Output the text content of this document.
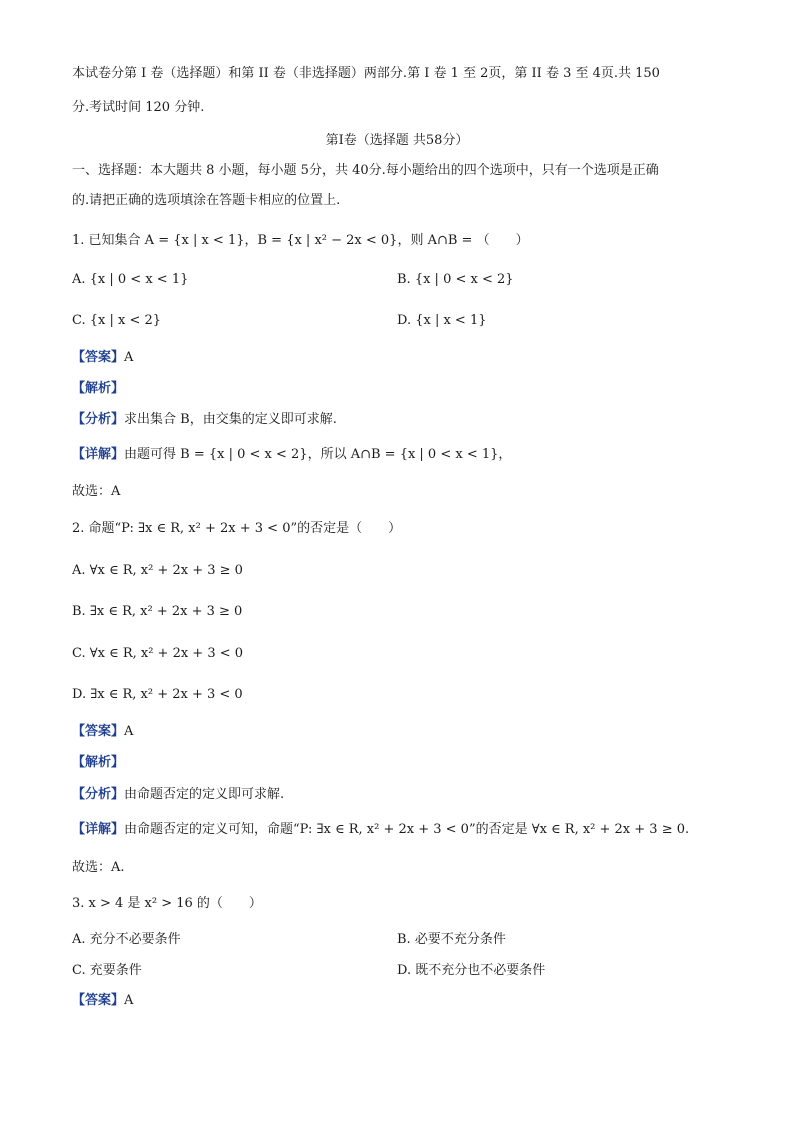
本试卷分第 I 卷（选择题）和第 II 卷（非选择题）两部分.第 I 卷 1 至 2页，第 II 卷 3 至 4页.共 150
分.考试时间 120 分钟.
第I卷（选择题 共58分）
一、选择题：本大题共 8 小题，每小题 5分，共 40分.每小题给出的四个选项中，只有一个选项是正确
的.请把正确的选项填涂在答题卡相应的位置上.
1. 已知集合 A = {x | x < 1}，B = {x | x² − 2x < 0}，则 A∩B = （　　）
A. {x | 0 < x < 1}	B. {x | 0 < x < 2}
C. {x | x < 2}	D. {x | x < 1}
【答案】A
【解析】
【分析】求出集合 B，由交集的定义即可求解.
【详解】由题可得 B = {x | 0 < x < 2}，所以 A∩B = {x | 0 < x < 1}，
故选：A
2. 命题“P: ∃x ∈ R, x² + 2x + 3 < 0”的否定是（　　）
A. ∀x ∈ R, x² + 2x + 3 ≥ 0
B. ∃x ∈ R, x² + 2x + 3 ≥ 0
C. ∀x ∈ R, x² + 2x + 3 < 0
D. ∃x ∈ R, x² + 2x + 3 < 0
【答案】A
【解析】
【分析】由命题否定的定义即可求解.
【详解】由命题否定的定义可知，命题“P: ∃x ∈ R, x² + 2x + 3 < 0”的否定是 ∀x ∈ R, x² + 2x + 3 ≥ 0.
故选：A.
3. x > 4 是 x² > 16 的（　　）
A. 充分不必要条件	B. 必要不充分条件
C. 充要条件	D. 既不充分也不必要条件
【答案】A
